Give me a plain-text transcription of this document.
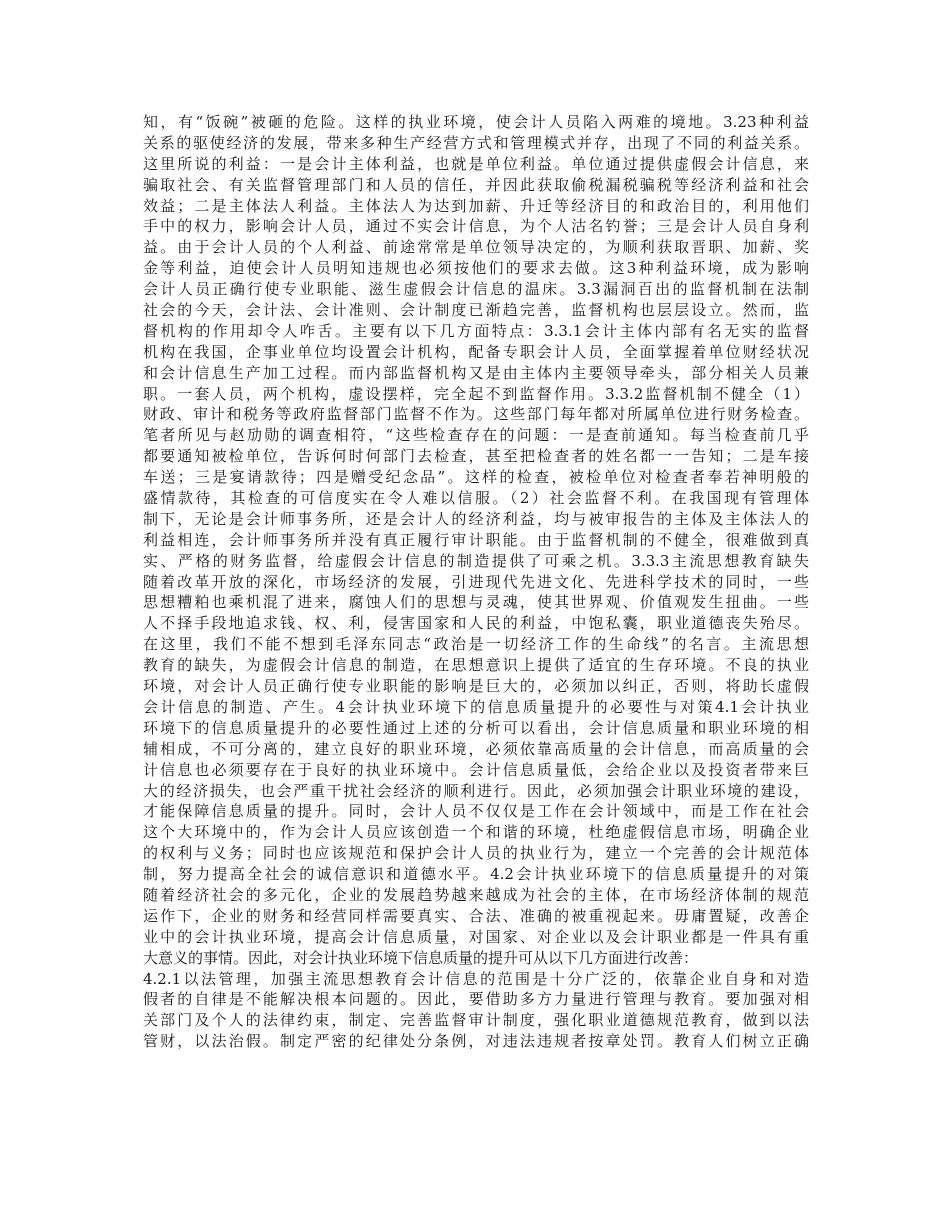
知，有“饭碗”被砸的危险。这样的执业环境，使会计人员陷入两难的境地。3.23种利益
关系的驱使经济的发展，带来多种生产经营方式和管理模式并存，出现了不同的利益关系。
这里所说的利益：一是会计主体利益，也就是单位利益。单位通过提供虚假会计信息，来
骗取社会、有关监督管理部门和人员的信任，并因此获取偷税漏税骗税等经济利益和社会
效益；二是主体法人利益。主体法人为达到加薪、升迁等经济目的和政治目的，利用他们
手中的权力，影响会计人员，通过不实会计信息，为个人沽名钓誉；三是会计人员自身利
益。由于会计人员的个人利益、前途常常是单位领导决定的，为顺利获取晋职、加薪、奖
金等利益，迫使会计人员明知违规也必须按他们的要求去做。这3种利益环境，成为影响
会计人员正确行使专业职能、滋生虚假会计信息的温床。3.3漏洞百出的监督机制在法制
社会的今天，会计法、会计准则、会计制度已渐趋完善，监督机构也层层设立。然而，监
督机构的作用却令人咋舌。主要有以下几方面特点：3.3.1会计主体内部有名无实的监督
机构在我国，企事业单位均设置会计机构，配备专职会计人员，全面掌握着单位财经状况
和会计信息生产加工过程。而内部监督机构又是由主体内主要领导牵头，部分相关人员兼
职。一套人员，两个机构，虚设摆样，完全起不到监督作用。3.3.2监督机制不健全（1）
财政、审计和税务等政府监督部门监督不作为。这些部门每年都对所属单位进行财务检查。
笔者所见与赵劢勋的调查相符，“这些检查存在的问题：一是查前通知。每当检查前几乎
都要通知被检单位，告诉何时何部门去检查，甚至把检查者的姓名都一一告知；二是车接
车送；三是宴请款待；四是赠受纪念品”。这样的检查，被检单位对检查者奉若神明般的
盛情款待，其检查的可信度实在令人难以信服。（2）社会监督不利。在我国现有管理体
制下，无论是会计师事务所，还是会计人的经济利益，均与被审报告的主体及主体法人的
利益相连，会计师事务所并没有真正履行审计职能。由于监督机制的不健全，很难做到真
实、严格的财务监督，给虚假会计信息的制造提供了可乘之机。3.3.3主流思想教育缺失
随着改革开放的深化，市场经济的发展，引进现代先进文化、先进科学技术的同时，一些
思想糟粕也乘机混了进来，腐蚀人们的思想与灵魂，使其世界观、价值观发生扭曲。一些
人不择手段地追求钱、权、利，侵害国家和人民的利益，中饱私囊，职业道德丧失殆尽。
在这里，我们不能不想到毛泽东同志“政治是一切经济工作的生命线”的名言。主流思想
教育的缺失，为虚假会计信息的制造，在思想意识上提供了适宜的生存环境。不良的执业
环境，对会计人员正确行使专业职能的影响是巨大的，必须加以纠正，否则，将助长虚假
会计信息的制造、产生。4会计执业环境下的信息质量提升的必要性与对策4.1会计执业
环境下的信息质量提升的必要性通过上述的分析可以看出，会计信息质量和职业环境的相
辅相成，不可分离的，建立良好的职业环境，必须依靠高质量的会计信息，而高质量的会
计信息也必须要存在于良好的执业环境中。会计信息质量低，会给企业以及投资者带来巨
大的经济损失，也会严重干扰社会经济的顺利进行。因此，必须加强会计职业环境的建设，
才能保障信息质量的提升。同时，会计人员不仅仅是工作在会计领域中，而是工作在社会
这个大环境中的，作为会计人员应该创造一个和谐的环境，杜绝虚假信息市场，明确企业
的权利与义务；同时也应该规范和保护会计人员的执业行为，建立一个完善的会计规范体
制，努力提高全社会的诚信意识和道德水平。4.2会计执业环境下的信息质量提升的对策
随着经济社会的多元化，企业的发展趋势越来越成为社会的主体，在市场经济体制的规范
运作下，企业的财务和经营同样需要真实、合法、准确的被重视起来。毋庸置疑，改善企
业中的会计执业环境，提高会计信息质量，对国家、对企业以及会计职业都是一件具有重
大意义的事情。因此，对会计执业环境下信息质量的提升可从以下几方面进行改善：
4.2.1以法管理，加强主流思想教育会计信息的范围是十分广泛的，依靠企业自身和对造
假者的自律是不能解决根本问题的。因此，要借助多方力量进行管理与教育。要加强对相
关部门及个人的法律约束，制定、完善监督审计制度，强化职业道德规范教育，做到以法
管财，以法治假。制定严密的纪律处分条例，对违法违规者按章处罚。教育人们树立正确
